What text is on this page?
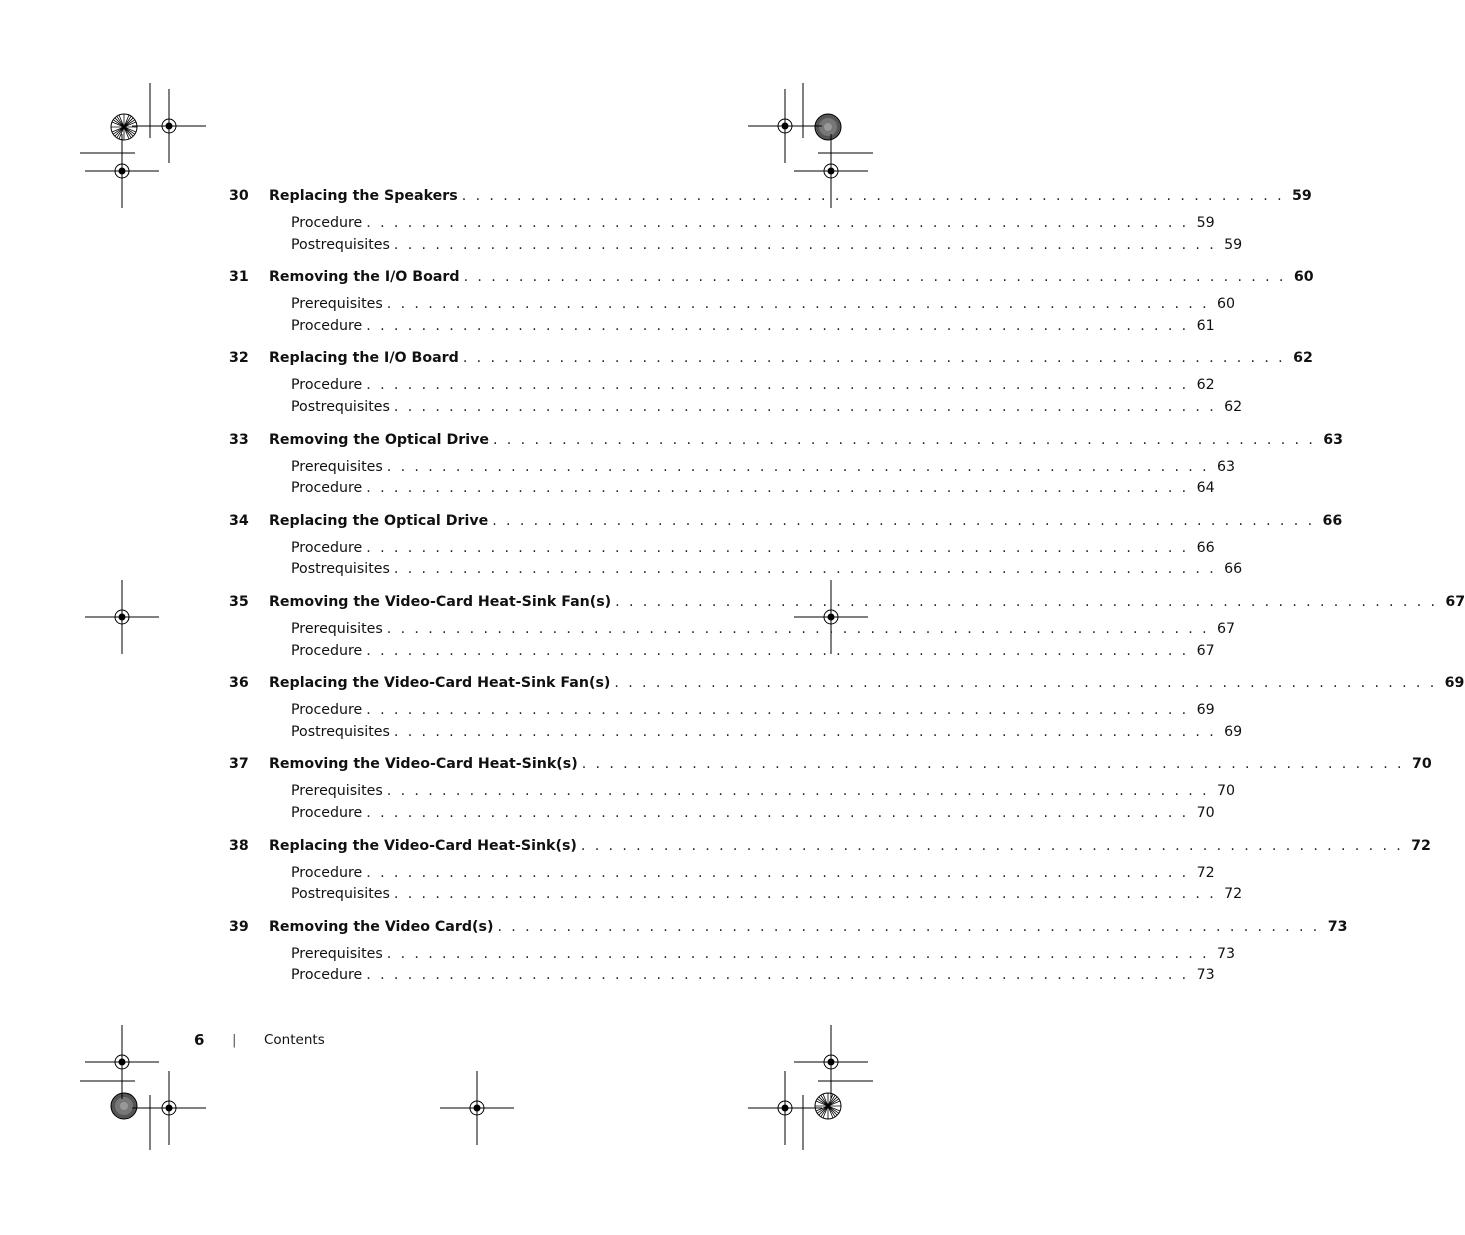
30	Replacing the Speakers . . . . . . . . . . . . . . . . . . . . . . . . . . . . . . . . . . . . . . . . . . . . . . . . . . . . . . . . . . . . 59
Procedure . . . . . . . . . . . . . . . . . . . . . . . . . . . . . . . . . . . . . . . . . . . . . . . . . . . . . . . . . . . . 59
Postrequisites . . . . . . . . . . . . . . . . . . . . . . . . . . . . . . . . . . . . . . . . . . . . . . . . . . . . . . . . . . . . 59
31	Removing the I/O Board . . . . . . . . . . . . . . . . . . . . . . . . . . . . . . . . . . . . . . . . . . . . . . . . . . . . . . . . . . . . 60
Prerequisites . . . . . . . . . . . . . . . . . . . . . . . . . . . . . . . . . . . . . . . . . . . . . . . . . . . . . . . . . . . . 60
Procedure . . . . . . . . . . . . . . . . . . . . . . . . . . . . . . . . . . . . . . . . . . . . . . . . . . . . . . . . . . . . 61
32	Replacing the I/O Board . . . . . . . . . . . . . . . . . . . . . . . . . . . . . . . . . . . . . . . . . . . . . . . . . . . . . . . . . . . . 62
Procedure . . . . . . . . . . . . . . . . . . . . . . . . . . . . . . . . . . . . . . . . . . . . . . . . . . . . . . . . . . . . 62
Postrequisites . . . . . . . . . . . . . . . . . . . . . . . . . . . . . . . . . . . . . . . . . . . . . . . . . . . . . . . . . . . . 62
33	Removing the Optical Drive . . . . . . . . . . . . . . . . . . . . . . . . . . . . . . . . . . . . . . . . . . . . . . . . . . . . . . . . . . . . 63
Prerequisites . . . . . . . . . . . . . . . . . . . . . . . . . . . . . . . . . . . . . . . . . . . . . . . . . . . . . . . . . . . . 63
Procedure . . . . . . . . . . . . . . . . . . . . . . . . . . . . . . . . . . . . . . . . . . . . . . . . . . . . . . . . . . . . 64
34	Replacing the Optical Drive . . . . . . . . . . . . . . . . . . . . . . . . . . . . . . . . . . . . . . . . . . . . . . . . . . . . . . . . . . . . 66
Procedure . . . . . . . . . . . . . . . . . . . . . . . . . . . . . . . . . . . . . . . . . . . . . . . . . . . . . . . . . . . . 66
Postrequisites . . . . . . . . . . . . . . . . . . . . . . . . . . . . . . . . . . . . . . . . . . . . . . . . . . . . . . . . . . . . 66
35	Removing the Video-Card Heat-Sink Fan(s) . . . . . . . . . . . . . . . . . . . . . . . . . . . . . . . . . . . . . . . . . . . . . . . . . . . . . . . . . . . . 67
Prerequisites . . . . . . . . . . . . . . . . . . . . . . . . . . . . . . . . . . . . . . . . . . . . . . . . . . . . . . . . . . . . 67
Procedure . . . . . . . . . . . . . . . . . . . . . . . . . . . . . . . . . . . . . . . . . . . . . . . . . . . . . . . . . . . . 67
36	Replacing the Video-Card Heat-Sink Fan(s) . . . . . . . . . . . . . . . . . . . . . . . . . . . . . . . . . . . . . . . . . . . . . . . . . . . . . . . . . . . . 69
Procedure . . . . . . . . . . . . . . . . . . . . . . . . . . . . . . . . . . . . . . . . . . . . . . . . . . . . . . . . . . . . 69
Postrequisites . . . . . . . . . . . . . . . . . . . . . . . . . . . . . . . . . . . . . . . . . . . . . . . . . . . . . . . . . . . . 69
37	Removing the Video-Card Heat-Sink(s) . . . . . . . . . . . . . . . . . . . . . . . . . . . . . . . . . . . . . . . . . . . . . . . . . . . . . . . . . . . . 70
Prerequisites . . . . . . . . . . . . . . . . . . . . . . . . . . . . . . . . . . . . . . . . . . . . . . . . . . . . . . . . . . . . 70
Procedure . . . . . . . . . . . . . . . . . . . . . . . . . . . . . . . . . . . . . . . . . . . . . . . . . . . . . . . . . . . . 70
38	Replacing the Video-Card Heat-Sink(s) . . . . . . . . . . . . . . . . . . . . . . . . . . . . . . . . . . . . . . . . . . . . . . . . . . . . . . . . . . . . 72
Procedure . . . . . . . . . . . . . . . . . . . . . . . . . . . . . . . . . . . . . . . . . . . . . . . . . . . . . . . . . . . . 72
Postrequisites . . . . . . . . . . . . . . . . . . . . . . . . . . . . . . . . . . . . . . . . . . . . . . . . . . . . . . . . . . . . 72
39	Removing the Video Card(s) . . . . . . . . . . . . . . . . . . . . . . . . . . . . . . . . . . . . . . . . . . . . . . . . . . . . . . . . . . . . 73
Prerequisites . . . . . . . . . . . . . . . . . . . . . . . . . . . . . . . . . . . . . . . . . . . . . . . . . . . . . . . . . . . . 73
Procedure . . . . . . . . . . . . . . . . . . . . . . . . . . . . . . . . . . . . . . . . . . . . . . . . . . . . . . . . . . . . 73
6 | Contents
